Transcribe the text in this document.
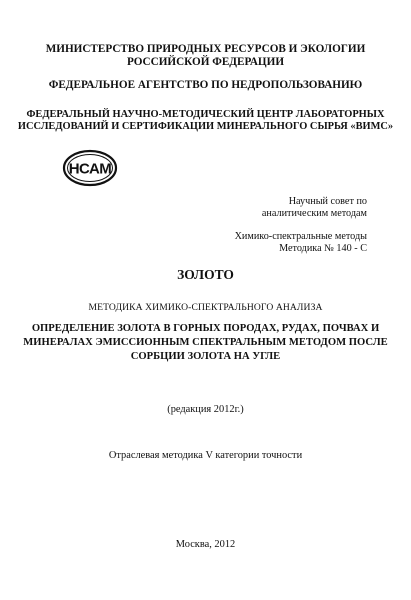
МИНИСТЕРСТВО ПРИРОДНЫХ РЕСУРСОВ И ЭКОЛОГИИ
РОССИЙСКОЙ ФЕДЕРАЦИИ
ФЕДЕРАЛЬНОЕ АГЕНТСТВО ПО НЕДРОПОЛЬЗОВАНИЮ
ФЕДЕРАЛЬНЫЙ НАУЧНО-МЕТОДИЧЕСКИЙ ЦЕНТР ЛАБОРАТОРНЫХ
ИССЛЕДОВАНИЙ И СЕРТИФИКАЦИИ МИНЕРАЛЬНОГО СЫРЬЯ «ВИМС»
НСАМ
Научный совет по
аналитическим методам
Химико-спектральные методы
Методика № 140 - С
ЗОЛОТО
МЕТОДИКА ХИМИКО-СПЕКТРАЛЬНОГО АНАЛИЗА
ОПРЕДЕЛЕНИЕ ЗОЛОТА В ГОРНЫХ ПОРОДАХ, РУДАХ, ПОЧВАХ И
МИНЕРАЛАХ ЭМИССИОННЫМ СПЕКТРАЛЬНЫМ МЕТОДОМ ПОСЛЕ
СОРБЦИИ ЗОЛОТА НА УГЛЕ
(редакция 2012г.)
Отраслевая методика V категории точности
Москва, 2012
